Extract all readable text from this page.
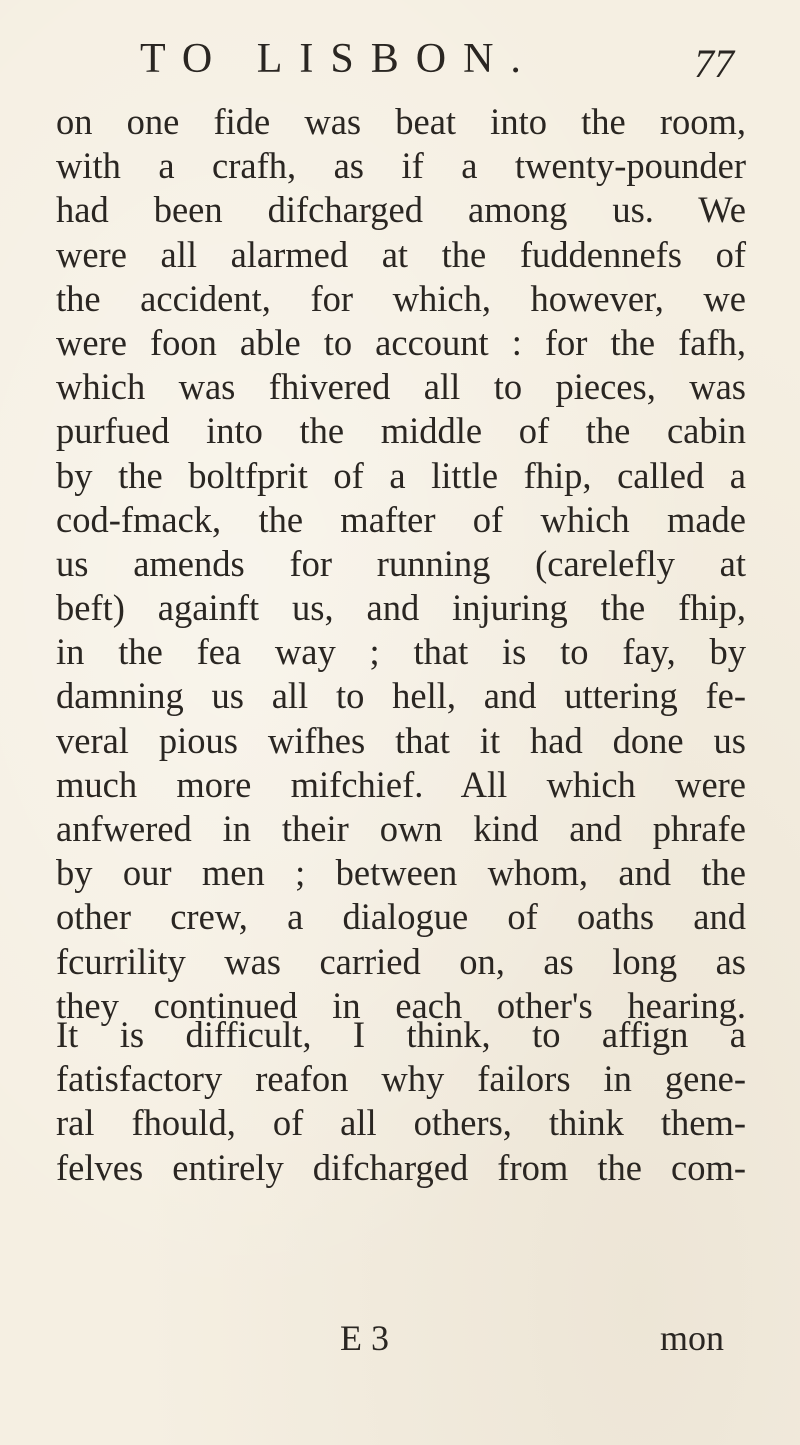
TO LISBON.	77
on one fide was beat into the room,
with a crafh, as if a twenty-pounder
had been difcharged among us. We
were all alarmed at the fuddennefs of
the accident, for which, however, we
were foon able to account : for the fafh,
which was fhivered all to pieces, was
purfued into the middle of the cabin
by the boltfprit of a little fhip, called a
cod-fmack, the mafter of which made
us amends for running (carelefly at
beft) againft us, and injuring the fhip,
in the fea way ; that is to fay, by
damning us all to hell, and uttering fe-
veral pious wifhes that it had done us
much more mifchief. All which were
anfwered in their own kind and phrafe
by our men ; between whom, and the
other crew, a dialogue of oaths and
fcurrility was carried on, as long as
they continued in each other's hearing.
It is difficult, I think, to affign a
fatisfactory reafon why failors in gene-
ral fhould, of all others, think them-
felves entirely difcharged from the com-
E 3	mon
